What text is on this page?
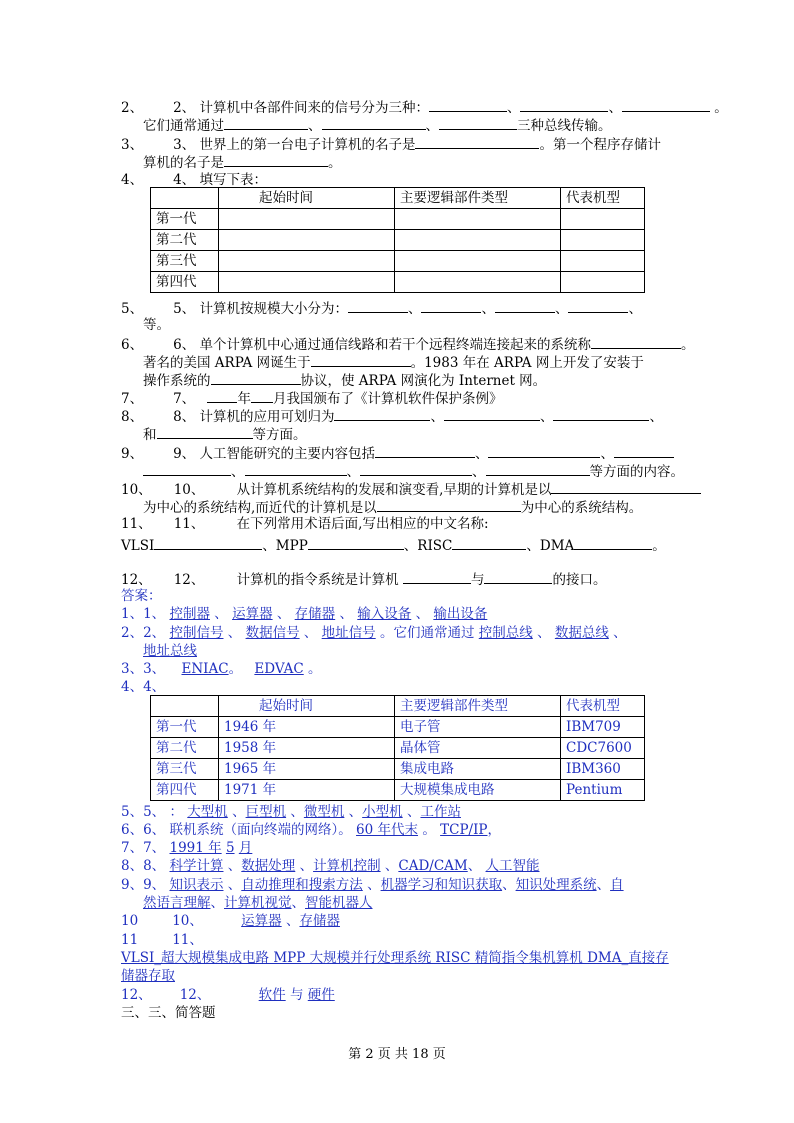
2、 2、 计算机中各部件间来的信号分为三种：	、	、	。
它们通常通过	、	、	三种总线传输。
3、 3、 世界上的第一台电子计算机的名子是	。第一个程序存储计
算机的名子是	。
4、 4、 填写下表：
	起始时间	主要逻辑部件类型	代表机型
第一代			
第二代			
第三代			
第四代			
5、 5、 计算机按规模大小分为：	、	、	、	、
等。
6、 6、 单个计算机中心通过通信线路和若干个远程终端连接起来的系统称	。
著名的美国 ARPA 网诞生于	。1983 年在 ARPA 网上开发了安装于
操作系统的	协议，使 ARPA 网演化为 Internet 网。
7、 7、	年 月我国颁布了《计算机软件保护条例》
8、 8、 计算机的应用可划归为	、	、	、
和	等方面。
9、 9、 人工智能研究的主要内容包括	、	、
、	、	、	等方面的内容。
10、 10、 从计算机系统结构的发展和演变看,早期的计算机是以
为中心的系统结构,而近代的计算机是以	为中心的系统结构。
11、 11、 在下列常用术语后面,写出相应的中文名称:
VLSI	、MPP	、RISC	、DMA	。
12、 12、 计算机的指令系统是计算机	与	的接口。
答案：
1、1、 控制器 、 运算器 、 存储器 、 输入设备 、 输出设备
2、2、 控制信号 、 数据信号 、 地址信号 。它们通常通过 控制总线 、 数据总线 、
地址总线
3、3、 ENIAC。 EDVAC 。
4、4、
	起始时间	主要逻辑部件类型	代表机型
第一代	1946 年	电子管	IBM709
第二代	1958 年	晶体管	CDC7600
第三代	1965 年	集成电路	IBM360
第四代	1971 年	大规模集成电路	Pentium
5、5、 ： 大型机 、巨型机 、微型机 、小型机 、工作站
6、6、 联机系统（面向终端的网络）。 60 年代末 。 TCP/IP，
7、7、 1991 年 5 月
8、8、 科学计算 、数据处理 、计算机控制 、CAD/CAM、 人工智能
9、9、 知识表示 、自动推理和搜索方法 、机器学习和知识获取、知识处理系统、自
然语言理解、计算机视觉、智能机器人
10	10、	运算器 、存储器
11	11、
VLSI_超大规模集成电路 MPP 大规模并行处理系统 RISC 精简指令集机算机 DMA_直接存
储器存取
12、 12、	软件 与 硬件
三、三、简答题
第 2 页 共 18 页
